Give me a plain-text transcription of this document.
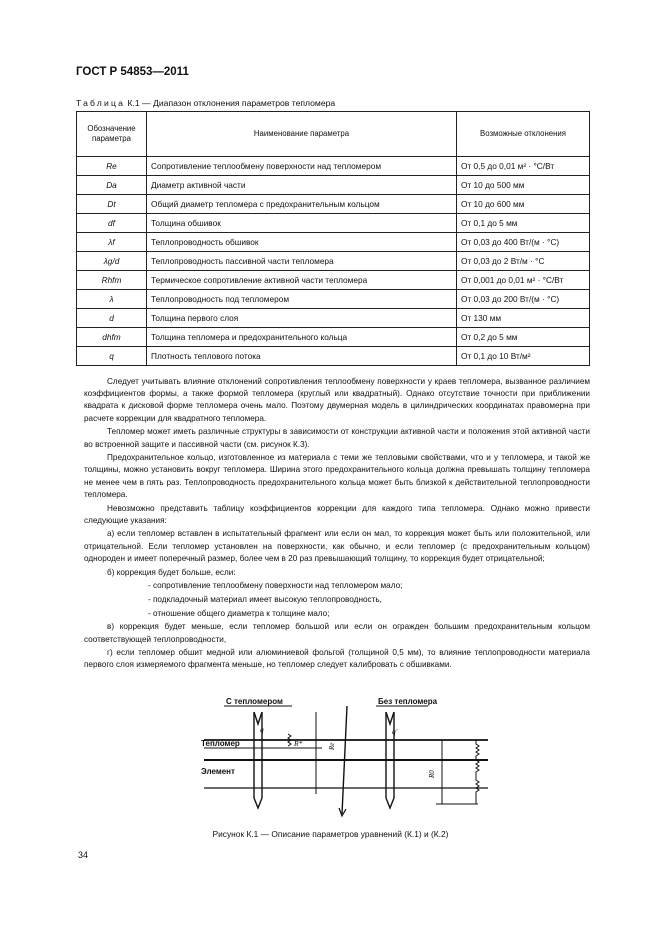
ГОСТ Р 54853—2011
Таблица К.1 — Диапазон отклонения параметров тепломера
Обозначение параметра	Наименование параметра	Возможные отклонения
Re	Сопротивление теплообмену поверхности над тепломером	От 0,5 до 0,01 м² · °С/Вт
Da	Диаметр активной части	От 10 до 500 мм
Dt	Общий диаметр тепломера с предохранительным кольцом	От 10 до 600 мм
df	Толщина обшивок	От 0,1 до 5 мм
λf	Теплопроводность обшивок	От 0,03 до 400 Вт/(м · °С)
λg/d	Теплопроводность пассивной части тепломера	От 0,03 до 2 Вт/м · °С
Rhfm	Термическое сопротивление активной части тепломера	От 0,001 до 0,01 м² · °С/Вт
λ	Теплопроводность под тепломером	От 0,03 до 200 Вт/(м · °С)
d	Толщина первого слоя	От 130 мм
dhfm	Толщина тепломера и предохранительного кольца	От 0,2 до 5 мм
q	Плотность теплового потока	От 0,1 до 10 Вт/м²

Следует учитывать влияние отклонений сопротивления теплообмену поверхности у краев тепломера, вызванное различием коэффициентов формы, а также формой тепломера (круглый или квадратный). Однако отсутствие точности при приближении квадрата к дисковой форме тепломера очень мало. Поэтому двумерная модель в цилиндрических координатах правомерна при расчете коррекции для квадратного тепломера.

Тепломер может иметь различные структуры в зависимости от конструкции активной части и положения этой активной части во встроенной защите и пассивной части (см. рисунок К.3).

Предохранительное кольцо, изготовленное из материала с теми же тепловыми свойствами, что и у тепломера, и такой же толщины, можно установить вокруг тепломера. Ширина этого предохранительного кольца должна превышать толщину тепломера не менее чем в пять раз. Теплопроводность предохранительного кольца может быть близкой к действительной теплопроводности тепломера.

Невозможно представить таблицу коэффициентов коррекции для каждого типа тепломера. Однако можно привести следующие указания:

а) если тепломер вставлен в испытательный фрагмент или если он мал, то коррекция может быть или положительной, или отрицательной. Если тепломер установлен на поверхности, как обычно, и если тепломер (с предохранительным кольцом) однороден и имеет поперечный размер, более чем в 20 раз превышающий толщину, то коррекция будет отрицательной;

б) коррекция будет больше, если:

- сопротивление теплообмену поверхности над тепломером мало;

- подкладочный материал имеет высокую теплопроводность,

- отношение общего диаметра к толщине мало;

в) коррекция будет меньше, если тепломер большой или если он огражден большим предохранительным кольцом соответствующей теплопроводности,

г) если тепломер обшит медной или алюминиевой фольгой (толщиной 0,5 мм), то влияние теплопроводности материала первого слоя измеряемого фрагмента меньше, но тепломер следует калибровать с обшивками.

С тепломером	Без тепломера
Тепломер
Элемент
q
R*	Re
q'
R0
Рисунок К.1 — Описание параметров уравнений (К.1) и (К.2)
34
